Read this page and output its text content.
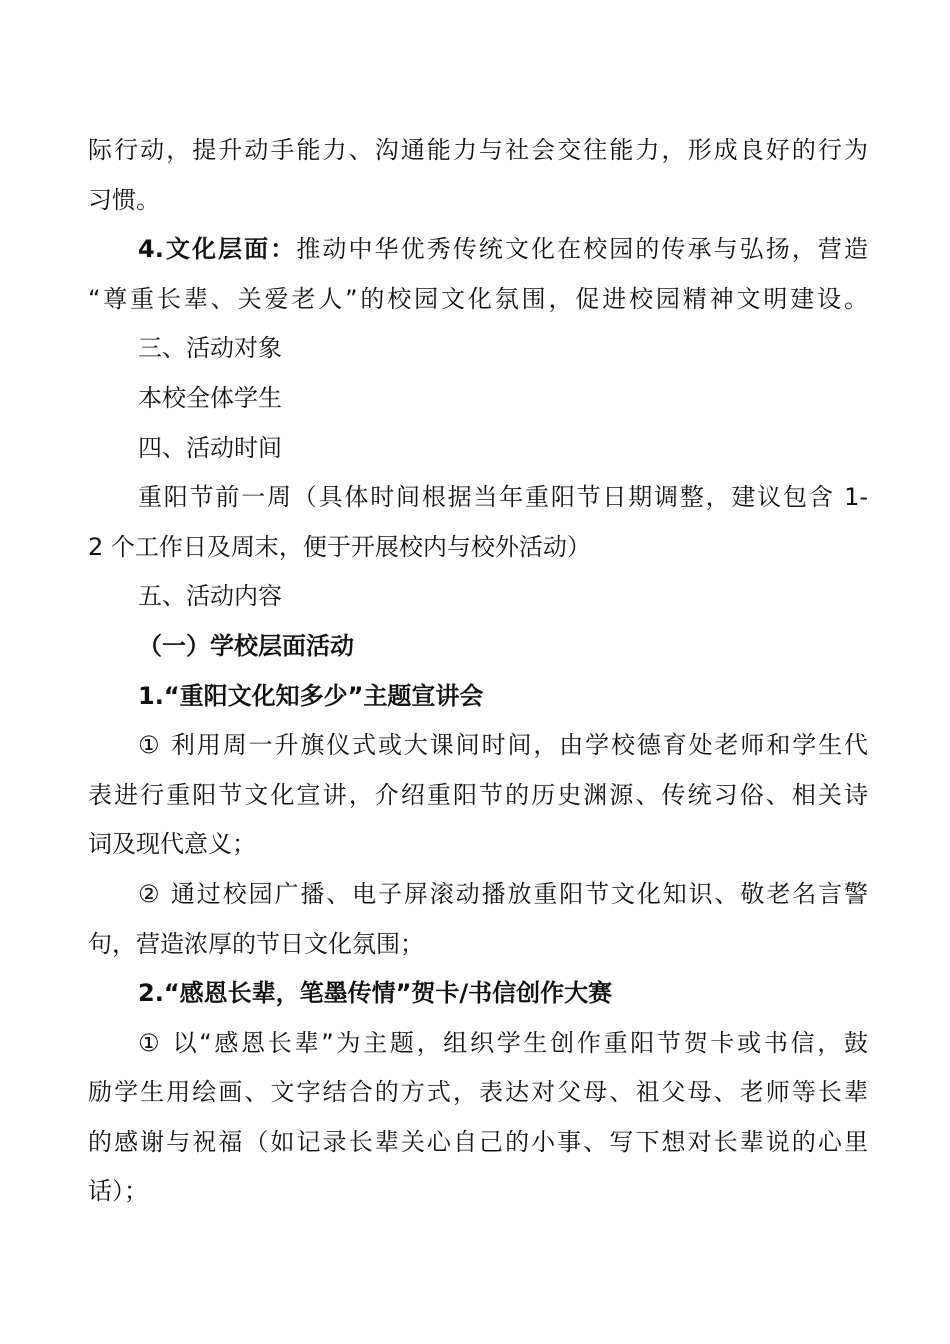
际行动，提升动手能力、沟通能力与社会交往能力，形成良好的行为
习惯。
4.文化层面：推动中华优秀传统文化在校园的传承与弘扬，营造
“尊重长辈、关爱老人”的校园文化氛围，促进校园精神文明建设。
三、活动对象
本校全体学生
四、活动时间
重阳节前一周（具体时间根据当年重阳节日期调整，建议包含 1-
2 个工作日及周末，便于开展校内与校外活动）
五、活动内容
（一）学校层面活动
1.“重阳文化知多少”主题宣讲会
① 利用周一升旗仪式或大课间时间，由学校德育处老师和学生代
表进行重阳节文化宣讲，介绍重阳节的历史渊源、传统习俗、相关诗
词及现代意义；
② 通过校园广播、电子屏滚动播放重阳节文化知识、敬老名言警
句，营造浓厚的节日文化氛围；
2.“感恩长辈，笔墨传情”贺卡/书信创作大赛
① 以“感恩长辈”为主题，组织学生创作重阳节贺卡或书信，鼓
励学生用绘画、文字结合的方式，表达对父母、祖父母、老师等长辈
的感谢与祝福（如记录长辈关心自己的小事、写下想对长辈说的心里
话）；
